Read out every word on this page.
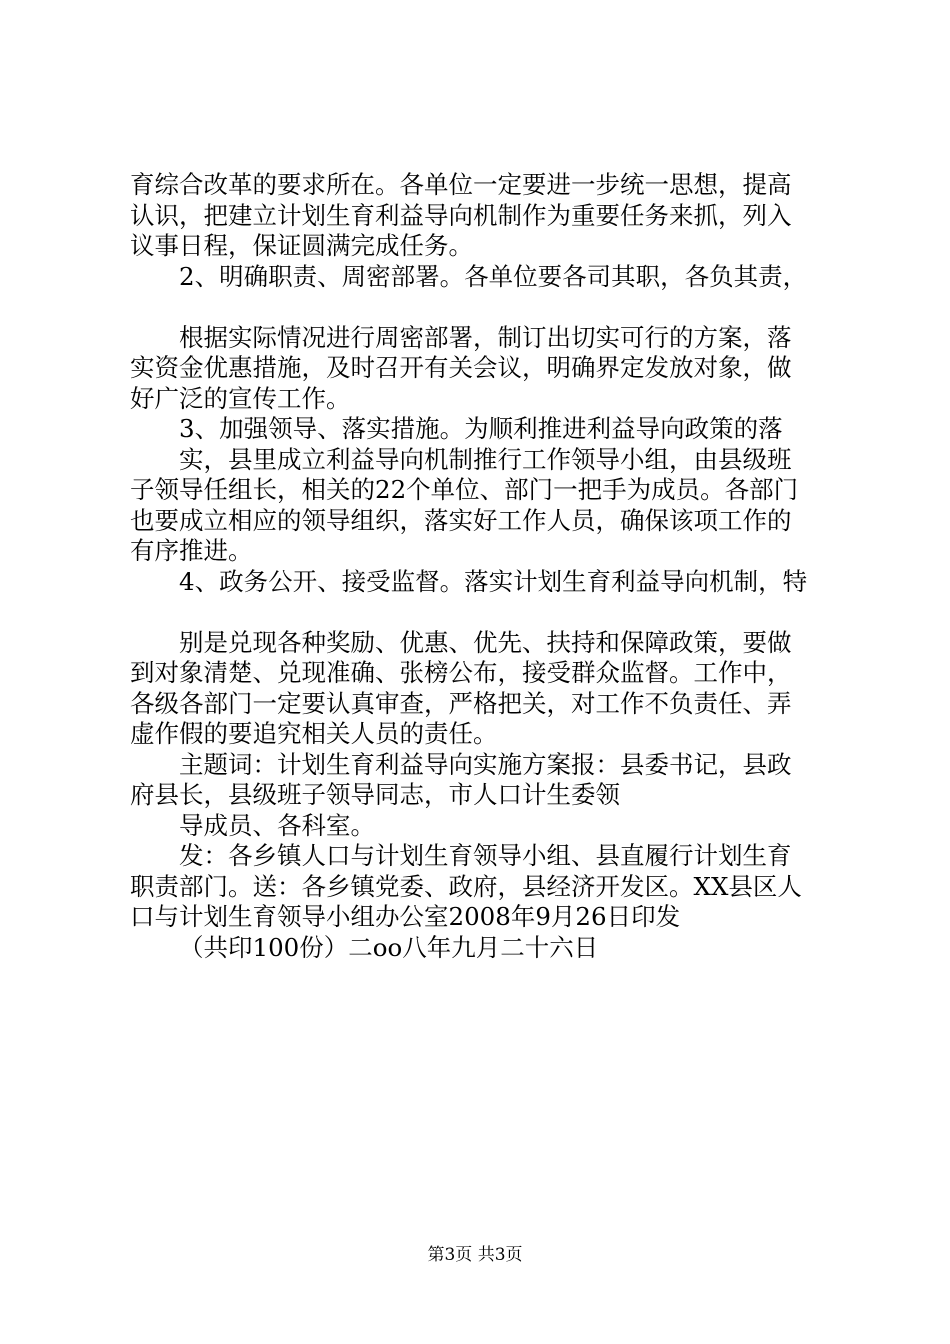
育综合改革的要求所在。各单位一定要进一步统一思想，提高

认识，把建立计划生育利益导向机制作为重要任务来抓，列入

议事日程，保证圆满完成任务。

2、明确职责、周密部署。各单位要各司其职，各负其责，

根据实际情况进行周密部署，制订出切实可行的方案，落

实资金优惠措施，及时召开有关会议，明确界定发放对象，做

好广泛的宣传工作。

3、加强领导、落实措施。为顺利推进利益导向政策的落

实，县里成立利益导向机制推行工作领导小组，由县级班

子领导任组长，相关的22个单位、部门一把手为成员。各部门

也要成立相应的领导组织，落实好工作人员，确保该项工作的

有序推进。

4、政务公开、接受监督。落实计划生育利益导向机制，特

别是兑现各种奖励、优惠、优先、扶持和保障政策，要做

到对象清楚、兑现准确、张榜公布，接受群众监督。工作中，

各级各部门一定要认真审查，严格把关，对工作不负责任、弄

虚作假的要追究相关人员的责任。

主题词：计划生育利益导向实施方案报：县委书记，县政

府县长，县级班子领导同志，市人口计生委领

导成员、各科室。

发：各乡镇人口与计划生育领导小组、县直履行计划生育

职责部门。送：各乡镇党委、政府，县经济开发区。XX县区人

口与计划生育领导小组办公室2008年9月26日印发

（共印100份）二oo八年九月二十六日

第3页 共3页
